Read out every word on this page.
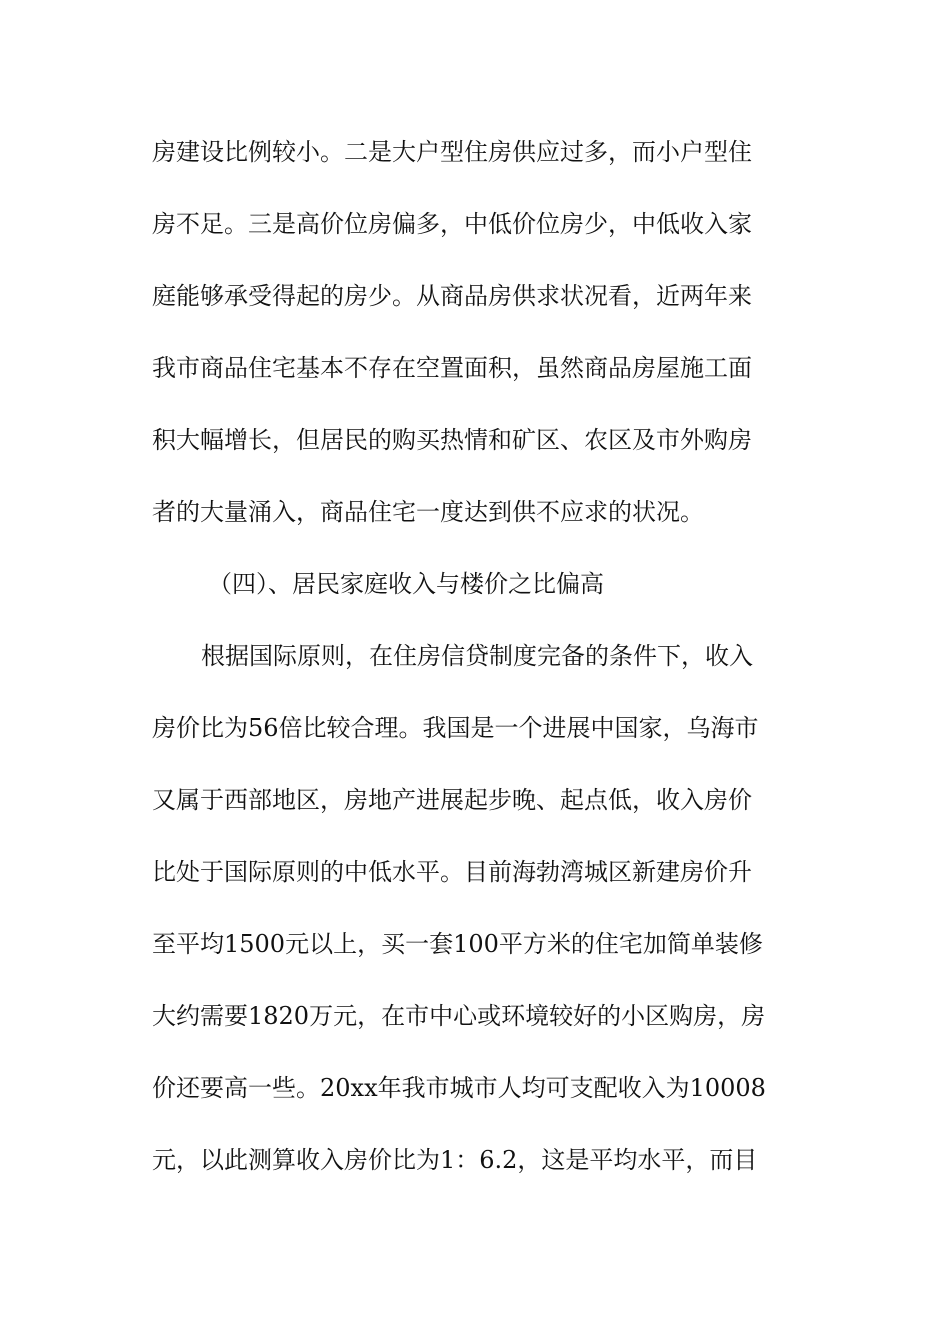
房建设比例较小。二是大户型住房供应过多，而小户型住
房不足。三是高价位房偏多，中低价位房少，中低收入家
庭能够承受得起的房少。从商品房供求状况看，近两年来
我市商品住宅基本不存在空置面积，虽然商品房屋施工面
积大幅增长，但居民的购买热情和矿区、农区及市外购房
者的大量涌入，商品住宅一度达到供不应求的状况。
（四）、居民家庭收入与楼价之比偏高
根据国际原则，在住房信贷制度完备的条件下，收入
房价比为56倍比较合理。我国是一个进展中国家，乌海市
又属于西部地区，房地产进展起步晚、起点低，收入房价
比处于国际原则的中低水平。目前海勃湾城区新建房价升
至平均1500元以上，买一套100平方米的住宅加简单装修
大约需要1820万元，在市中心或环境较好的小区购房，房
价还要高一些。20xx年我市城市人均可支配收入为10008
元，以此测算收入房价比为1：6.2，这是平均水平，而目
